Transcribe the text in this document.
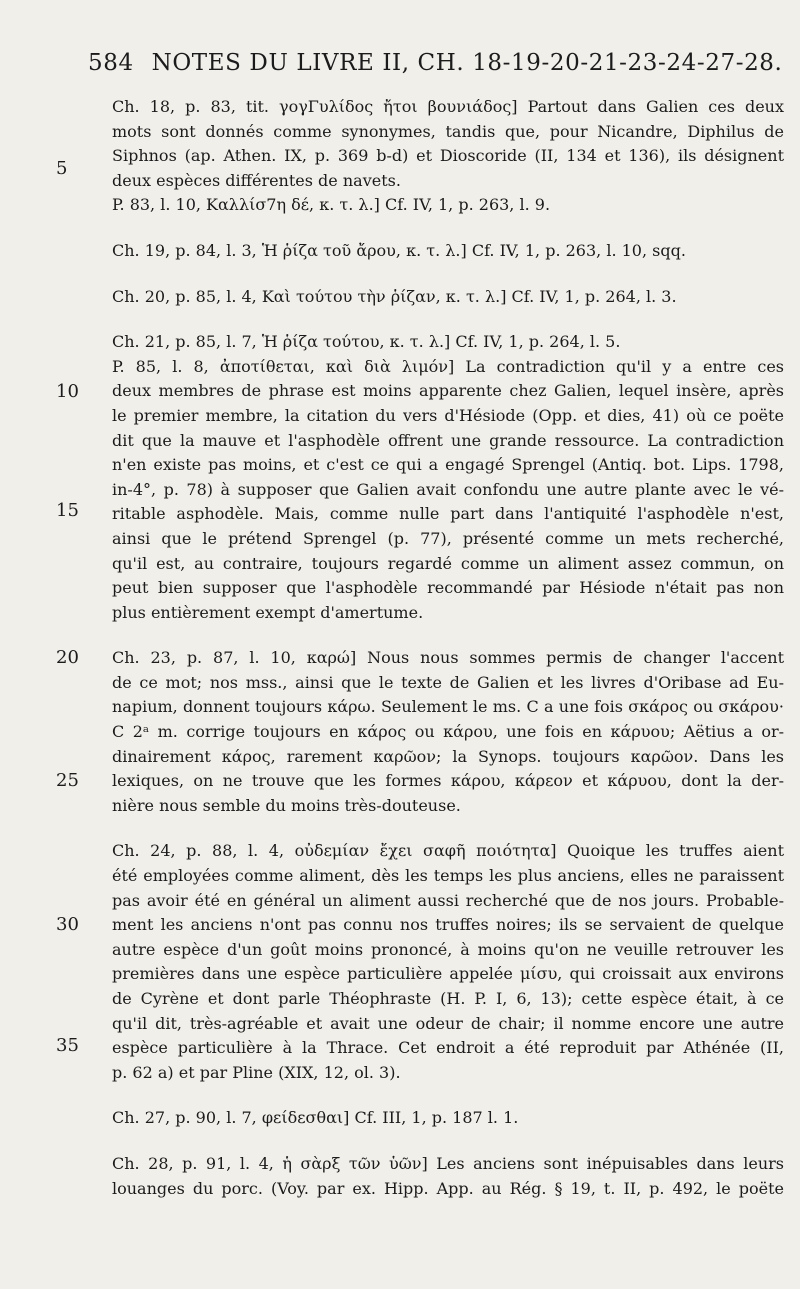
584 NOTES DU LIVRE II, CH. 18-19-20-21-23-24-27-28.
5
10
15
20
25
30
35
Ch. 18, p. 83, tit. γογΓυλίδος ἤτοι βουνιάδος] Partout dans Galien ces deux
mots sont donnés comme synonymes, tandis que, pour Nicandre, Diphilus de
Siphnos (ap. Athen. IX, p. 369 b-d) et Dioscoride (II, 134 et 136), ils désignent
deux espèces différentes de navets.
P. 83, l. 10, Καλλίσ7η δέ, κ. τ. λ.] Cf. IV, 1, p. 263, l. 9.
Ch. 19, p. 84, l. 3, Ἡ ῥίζα τοῦ ἄρου, κ. τ. λ.] Cf. IV, 1, p. 263, l. 10, sqq.
Ch. 20, p. 85, l. 4, Καὶ τούτου τὴν ῥίζαν, κ. τ. λ.] Cf. IV, 1, p. 264, l. 3.
Ch. 21, p. 85, l. 7, Ἡ ῥίζα τούτου, κ. τ. λ.] Cf. IV, 1, p. 264, l. 5.
P. 85, l. 8, ἀποτίθεται, καὶ διὰ λιμόν] La contradiction qu'il y a entre ces
deux membres de phrase est moins apparente chez Galien, lequel insère, après
le premier membre, la citation du vers d'Hésiode (Opp. et dies, 41) où ce poëte
dit que la mauve et l'asphodèle offrent une grande ressource. La contradiction
n'en existe pas moins, et c'est ce qui a engagé Sprengel (Antiq. bot. Lips. 1798,
in-4°, p. 78) à supposer que Galien avait confondu une autre plante avec le vé-
ritable asphodèle. Mais, comme nulle part dans l'antiquité l'asphodèle n'est,
ainsi que le prétend Sprengel (p. 77), présenté comme un mets recherché,
qu'il est, au contraire, toujours regardé comme un aliment assez commun, on
peut bien supposer que l'asphodèle recommandé par Hésiode n'était pas non
plus entièrement exempt d'amertume.
Ch. 23, p. 87, l. 10, καρώ] Nous nous sommes permis de changer l'accent
de ce mot; nos mss., ainsi que le texte de Galien et les livres d'Oribase ad Eu-
napium, donnent toujours κάρω. Seulement le ms. C a une fois σκάρος ou σκάρου·
C 2ᵃ m. corrige toujours en κάρος ou κάρου, une fois en κάρυου; Aëtius a or-
dinairement κάρος, rarement καρῶον; la Synops. toujours καρῶον. Dans les
lexiques, on ne trouve que les formes κάρου, κάρεον et κάρυου, dont la der-
nière nous semble du moins très-douteuse.
Ch. 24, p. 88, l. 4, οὐδεμίαν ἔχει σαφῆ ποιότητα] Quoique les truffes aient
été employées comme aliment, dès les temps les plus anciens, elles ne paraissent
pas avoir été en général un aliment aussi recherché que de nos jours. Probable-
ment les anciens n'ont pas connu nos truffes noires; ils se servaient de quelque
autre espèce d'un goût moins prononcé, à moins qu'on ne veuille retrouver les
premières dans une espèce particulière appelée μίσυ, qui croissait aux environs
de Cyrène et dont parle Théophraste (H. P. I, 6, 13); cette espèce était, à ce
qu'il dit, très-agréable et avait une odeur de chair; il nomme encore une autre
espèce particulière à la Thrace. Cet endroit a été reproduit par Athénée (II,
p. 62 a) et par Pline (XIX, 12, ol. 3).
Ch. 27, p. 90, l. 7, φείδεσθαι] Cf. III, 1, p. 187 l. 1.
Ch. 28, p. 91, l. 4, ἡ σὰρξ τῶν ὑῶν] Les anciens sont inépuisables dans leurs
louanges du porc. (Voy. par ex. Hipp. App. au Rég. § 19, t. II, p. 492, le poëte
